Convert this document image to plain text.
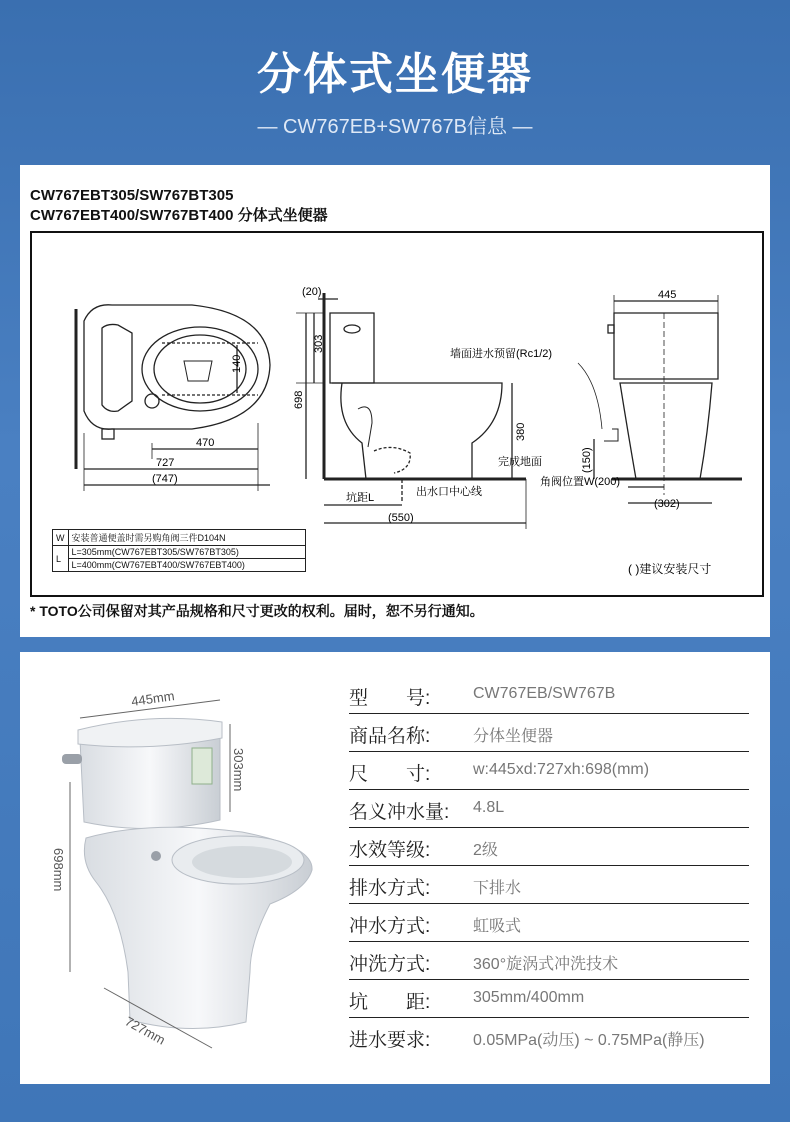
分体式坐便器
— CW767EB+SW767B信息 —
CW767EBT305/SW767BT305
CW767EBT400/SW767BT400 分体式坐便器
140
470
727
(747)
(20)
303
698
380
坑距L	出水口中心线
(550)
完成地面
墙面进水预留(Rc1/2)
445
(150)
角阀位置W(200)
(302)
( )建议安装尺寸
W	安装普通便盖时需另购角阀三件D104N
L	L=305mm(CW767EBT305/SW767BT305)
	L=400mm(CW767EBT400/SW767EBT400)
* TOTO公司保留对其产品规格和尺寸更改的权利。届时，恕不另行通知。
445mm
303mm
698mm
727mm
型　　号:	CW767EB/SW767B
商品名称:	分体坐便器
尺　　寸:	w:445xd:727xh:698(mm)
名义冲水量: 4.8L
水效等级:	2级
排水方式:	下排水
冲水方式:	虹吸式
冲洗方式:	360°旋涡式冲洗技术
坑　　距:	305mm/400mm
进水要求:	0.05MPa(动压) ~ 0.75MPa(静压)
